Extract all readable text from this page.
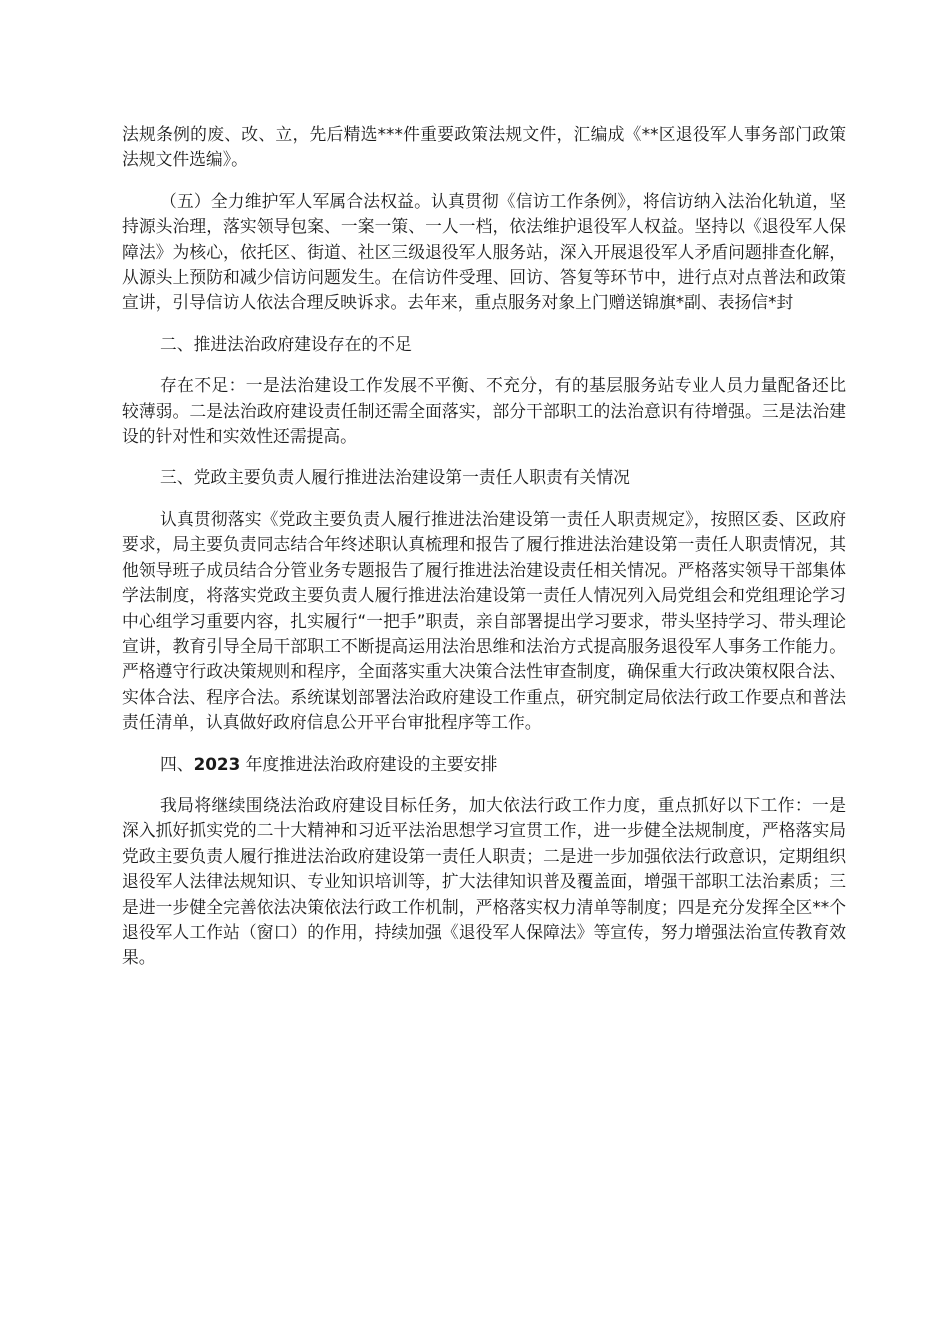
法规条例的废、改、立，先后精选***件重要政策法规文件，汇编成《**区退役军人事务部门政策法规文件选编》。

（五）全力维护军人军属合法权益。认真贯彻《信访工作条例》，将信访纳入法治化轨道，坚持源头治理，落实领导包案、一案一策、一人一档，依法维护退役军人权益。坚持以《退役军人保障法》为核心，依托区、街道、社区三级退役军人服务站，深入开展退役军人矛盾问题排查化解，从源头上预防和减少信访问题发生。在信访件受理、回访、答复等环节中，进行点对点普法和政策宣讲，引导信访人依法合理反映诉求。去年来，重点服务对象上门赠送锦旗*副、表扬信*封

二、推进法治政府建设存在的不足

存在不足：一是法治建设工作发展不平衡、不充分，有的基层服务站专业人员力量配备还比较薄弱。二是法治政府建设责任制还需全面落实，部分干部职工的法治意识有待增强。三是法治建设的针对性和实效性还需提高。

三、党政主要负责人履行推进法治建设第一责任人职责有关情况

认真贯彻落实《党政主要负责人履行推进法治建设第一责任人职责规定》，按照区委、区政府要求，局主要负责同志结合年终述职认真梳理和报告了履行推进法治建设第一责任人职责情况，其他领导班子成员结合分管业务专题报告了履行推进法治建设责任相关情况。严格落实领导干部集体学法制度，将落实党政主要负责人履行推进法治建设第一责任人情况列入局党组会和党组理论学习中心组学习重要内容，扎实履行“一把手”职责，亲自部署提出学习要求，带头坚持学习、带头理论宣讲，教育引导全局干部职工不断提高运用法治思维和法治方式提高服务退役军人事务工作能力。严格遵守行政决策规则和程序，全面落实重大决策合法性审查制度，确保重大行政决策权限合法、实体合法、程序合法。系统谋划部署法治政府建设工作重点，研究制定局依法行政工作要点和普法责任清单，认真做好政府信息公开平台审批程序等工作。

四、2023 年度推进法治政府建设的主要安排

我局将继续围绕法治政府建设目标任务，加大依法行政工作力度，重点抓好以下工作：一是深入抓好抓实党的二十大精神和习近平法治思想学习宣贯工作，进一步健全法规制度，严格落实局党政主要负责人履行推进法治政府建设第一责任人职责；二是进一步加强依法行政意识，定期组织退役军人法律法规知识、专业知识培训等，扩大法律知识普及覆盖面，增强干部职工法治素质；三是进一步健全完善依法决策依法行政工作机制，严格落实权力清单等制度；四是充分发挥全区**个退役军人工作站（窗口）的作用，持续加强《退役军人保障法》等宣传，努力增强法治宣传教育效果。
